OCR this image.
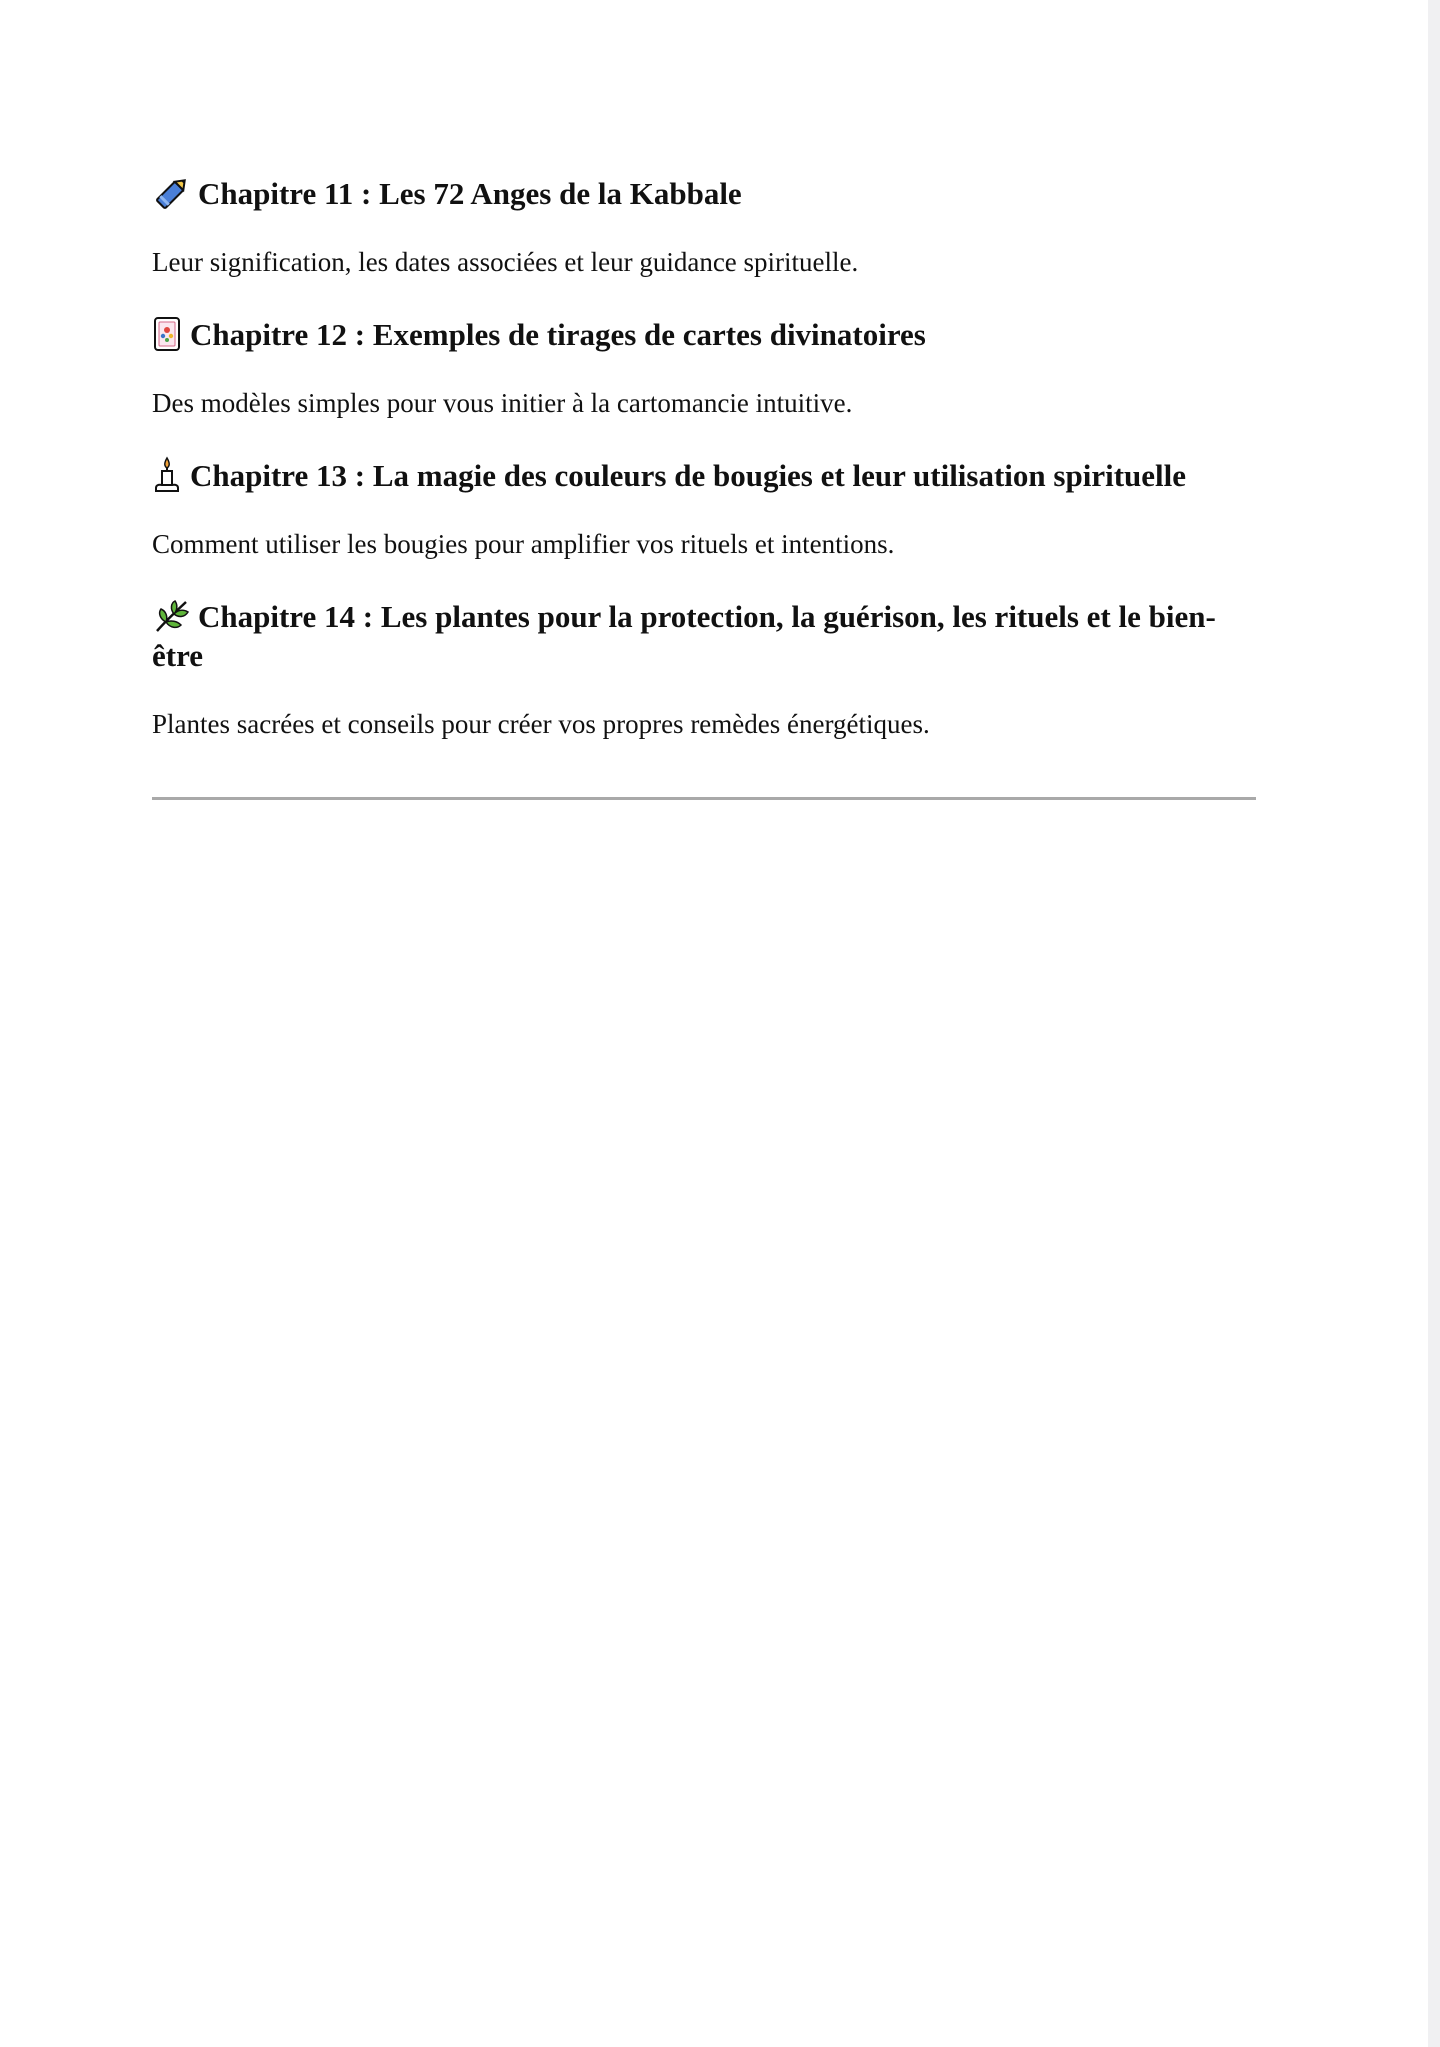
Chapitre 11 : Les 72 Anges de la Kabbale

Leur signification, les dates associées et leur guidance spirituelle.

Chapitre 12 : Exemples de tirages de cartes divinatoires

Des modèles simples pour vous initier à la cartomancie intuitive.

Chapitre 13 : La magie des couleurs de bougies et leur utilisation spirituelle

Comment utiliser les bougies pour amplifier vos rituels et intentions.

Chapitre 14 : Les plantes pour la protection, la guérison, les rituels et le bien-être

Plantes sacrées et conseils pour créer vos propres remèdes énergétiques.
